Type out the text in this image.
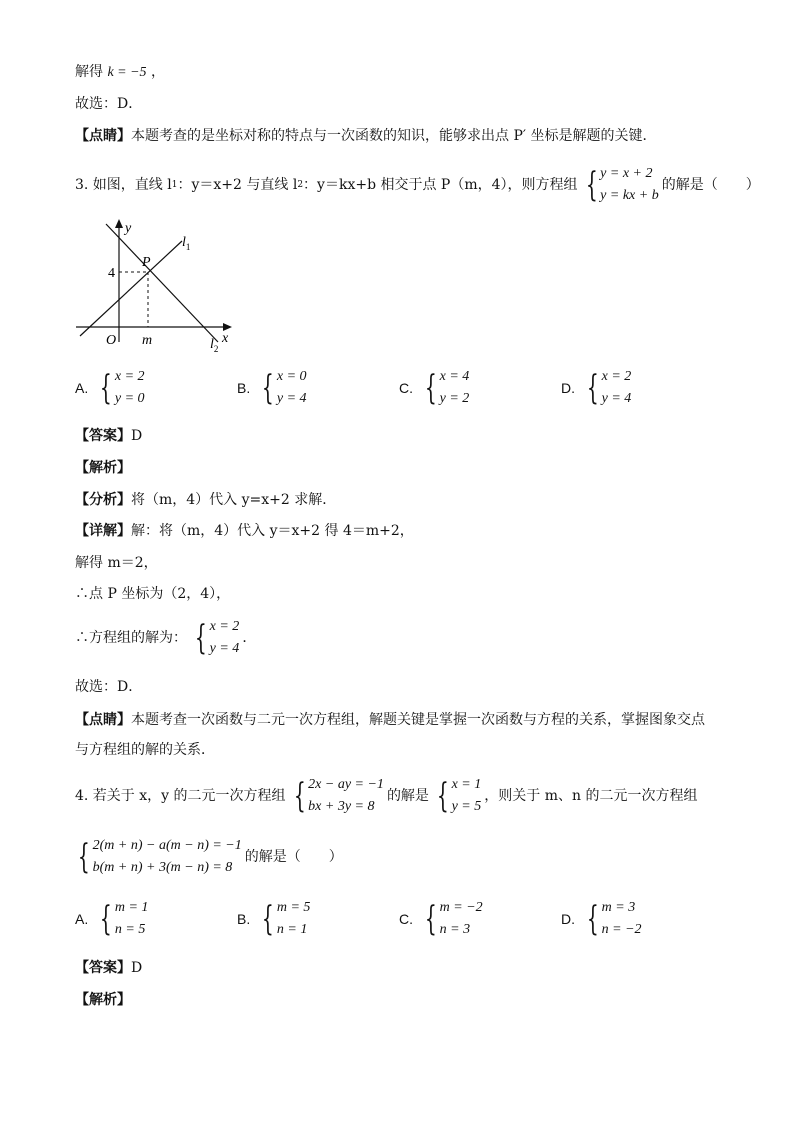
解得 k = −5 ，
故选：D．
【点睛】本题考查的是坐标对称的特点与一次函数的知识，能够求出点 P′ 坐标是解题的关键．
3. 如图，直线 l 1 ：y＝x+2 与直线 l 2 ：y＝kx+b 相交于点 P（m，4），则方程组 { y = x + 2
y = kx + b
的解是（　　）
y
x
O m
4
P
$l_1$
$l_2$
A. { x = 2
y = 0
B. { x = 0
y = 4
C. { x = 4
y = 2
D. { x = 2
y = 4
【答案】D
【解析】
【分析】将（m，4）代入 y=x+2 求解．
【详解】解：将（m，4）代入 y＝x+2 得 4＝m+2，
解得 m＝2，
∴点 P 坐标为（2，4），
∴方程组的解为： { x = 2
y = 4
．
故选：D．
【点睛】本题考查一次函数与二元一次方程组，解题关键是掌握一次函数与方程的关系，掌握图象交点
与方程组的解的关系．
4. 若关于 x，y 的二元一次方程组 { 2x − ay = −1
bx + 3y = 8
的解是 { x = 1
y = 5
，则关于 m、n 的二元一次方程组
{ 2(m + n) − a(m − n) = −1
b(m + n) + 3(m − n) = 8
的解是（　　）
A. { m = 1
n = 5
B. { m = 5
n = 1
C. { m = −2
n = 3
D. { m = 3
n = −2
【答案】D
【解析】
